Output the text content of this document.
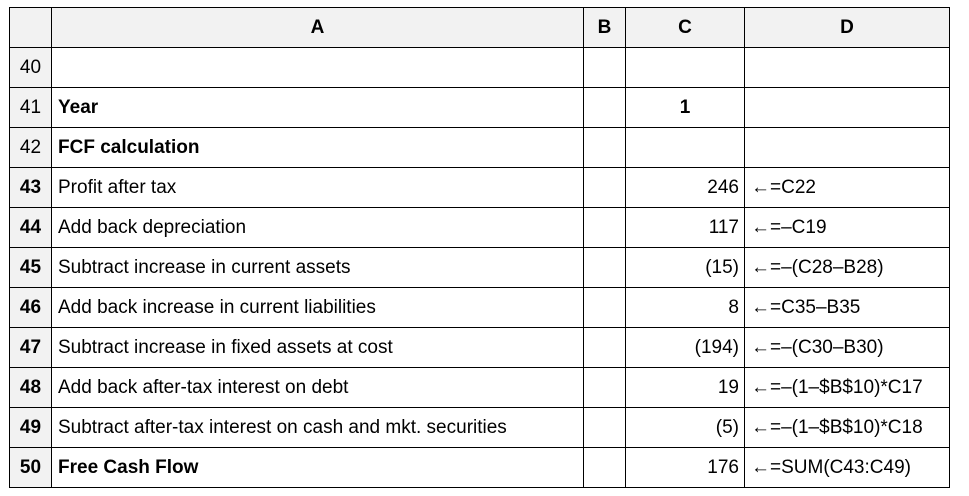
	A	B	C	D
40				
41	Year		1	
42	FCF calculation			
43	Profit after tax		246	←=C22
44	Add back depreciation		117	←=–C19
45	Subtract increase in current assets		(15)	←=–(C28–B28)
46	Add back increase in current liabilities		8	←=C35–B35
47	Subtract increase in fixed assets at cost		(194)	←=–(C30–B30)
48	Add back after-tax interest on debt		19	←=–(1–$B$10)*C17
49	Subtract after-tax interest on cash and mkt. securities		(5)	←=–(1–$B$10)*C18
50	Free Cash Flow		176	←=SUM(C43:C49)
